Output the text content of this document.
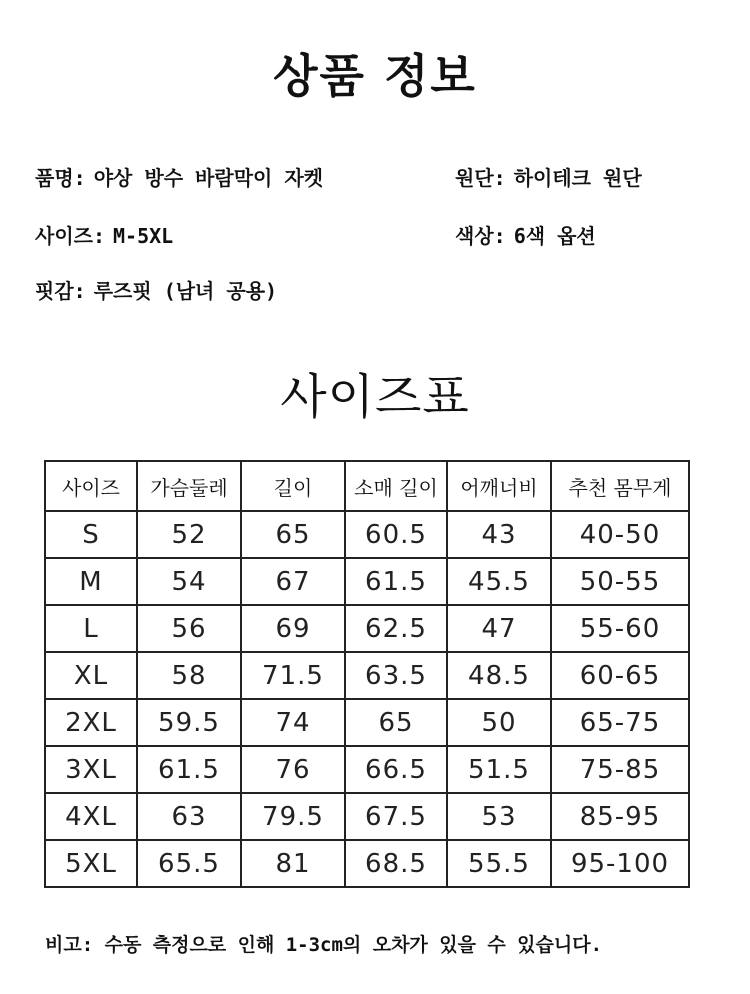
상품 정보
품명: 야상 방수 바람막이 자켓	원단: 하이테크 원단
사이즈: M-5XL	색상: 6색 옵션
핏감: 루즈핏 (남녀 공용)
사이즈표
사이즈	가슴둘레	길이	소매 길이	어깨너비	추천 몸무게
S	52	65	60.5	43	40-50
M	54	67	61.5	45.5	50-55
L	56	69	62.5	47	55-60
XL	58	71.5	63.5	48.5	60-65
2XL	59.5	74	65	50	65-75
3XL	61.5	76	66.5	51.5	75-85
4XL	63	79.5	67.5	53	85-95
5XL	65.5	81	68.5	55.5	95-100
비고: 수동 측정으로 인해 1-3cm의 오차가 있을 수 있습니다.
